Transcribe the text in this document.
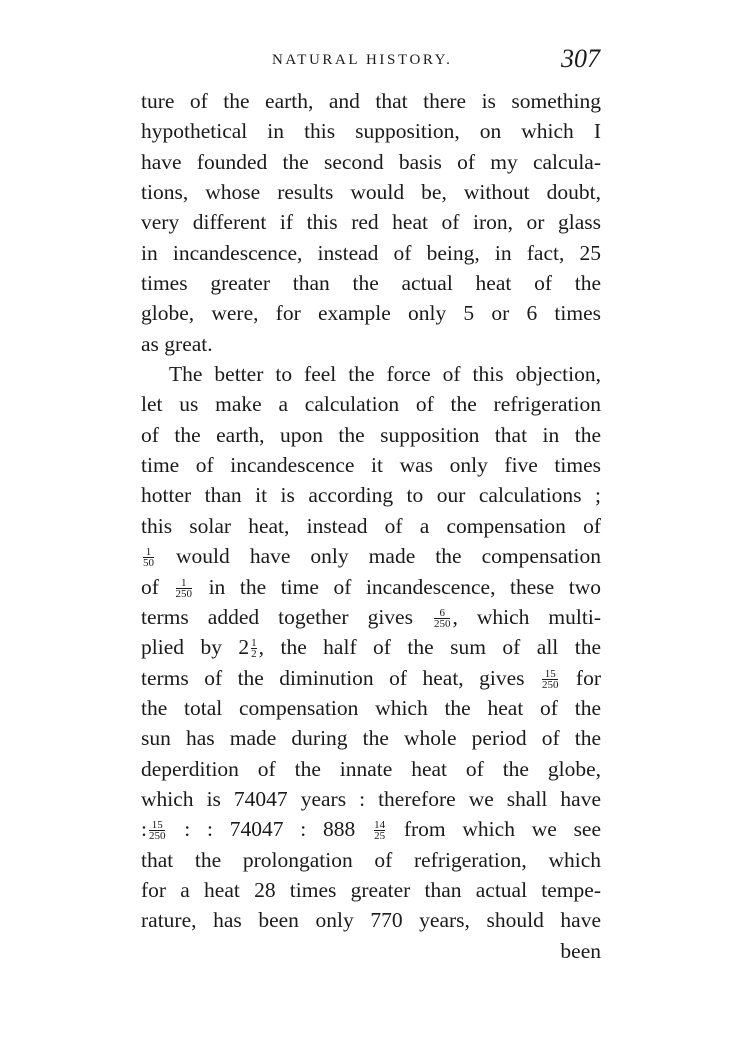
NATURAL HISTORY.	307
ture of the earth, and that there is something
hypothetical in this supposition, on which I
have founded the second basis of my calcula-
tions, whose results would be, without doubt,
very different if this red heat of iron, or glass
in incandescence, instead of being, in fact, 25
times greater than the actual heat of the
globe, were, for example only 5 or 6 times
as great.
The better to feel the force of this objection,
let us make a calculation of the refrigeration
of the earth, upon the supposition that in the
time of incandescence it was only five times
hotter than it is according to our calculations ;
this solar heat, instead of a compensation of
$\frac{1}{50}$ would have only made the compensation
of $\frac{1}{250}$ in the time of incandescence, these two
terms added together gives $\frac{6}{250}$ , which multi-
plied by $2 \frac{1}{2}$ , the half of the sum of all the
terms of the diminution of heat, gives $\frac{15}{250}$ for
the total compensation which the heat of the
sun has made during the whole period of the
deperdition of the innate heat of the globe,
which is 74047 years : therefore we shall have
: $\frac{15}{250}$ : : 74047 : $888 \frac{14}{25}$ from which we see
that the prolongation of refrigeration, which
for a heat 28 times greater than actual tempe-
rature, has been only 770 years, should have
been
